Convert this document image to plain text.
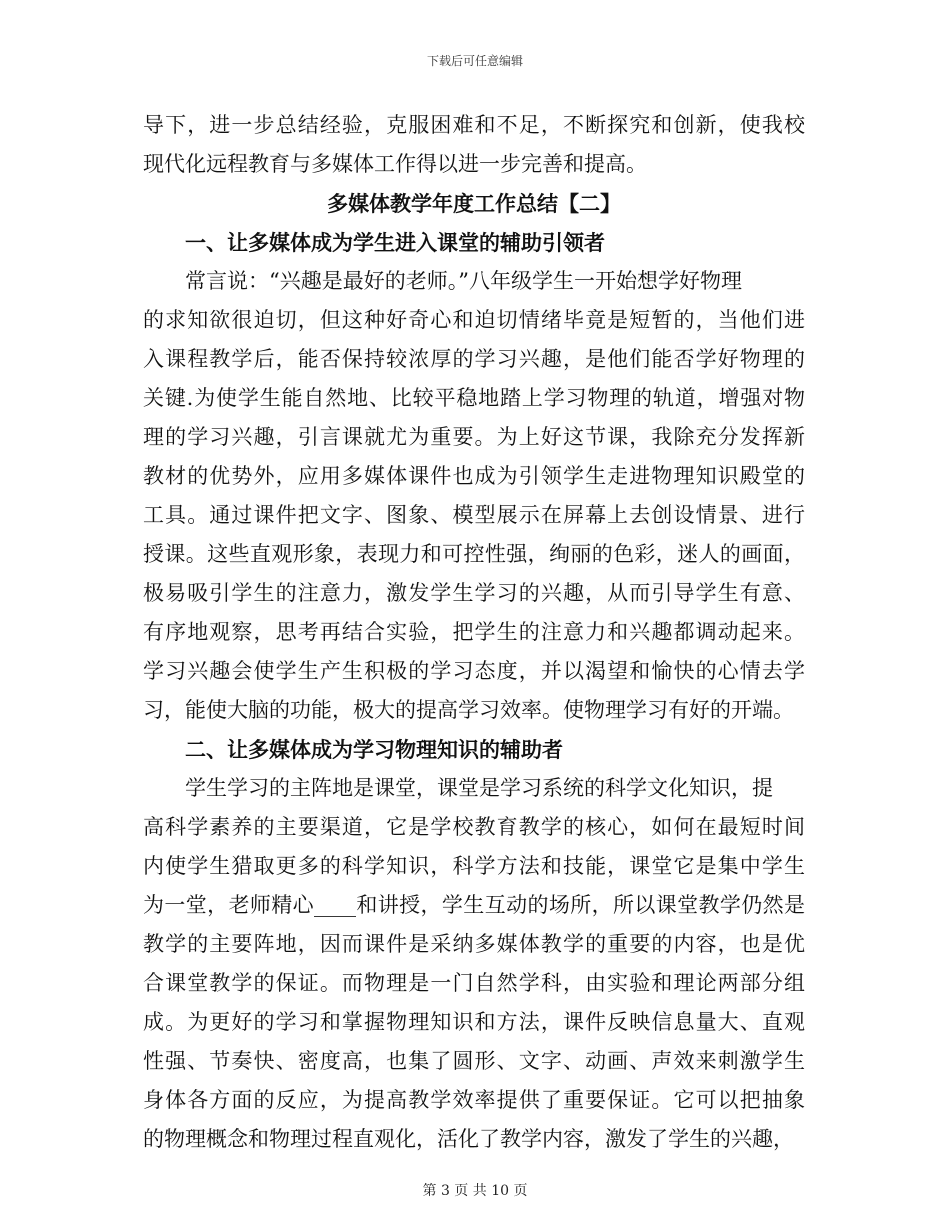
下载后可任意编辑
导下，进一步总结经验，克服困难和不足，不断探究和创新，使我校
现代化远程教育与多媒体工作得以进一步完善和提高。
多媒体教学年度工作总结【二】
一、让多媒体成为学生进入课堂的辅助引领者
常言说：“兴趣是最好的老师。”八年级学生一开始想学好物理
的求知欲很迫切，但这种好奇心和迫切情绪毕竟是短暂的，当他们进
入课程教学后，能否保持较浓厚的学习兴趣，是他们能否学好物理的
关键.为使学生能自然地、比较平稳地踏上学习物理的轨道，增强对物
理的学习兴趣，引言课就尤为重要。为上好这节课，我除充分发挥新
教材的优势外，应用多媒体课件也成为引领学生走进物理知识殿堂的
工具。通过课件把文字、图象、模型展示在屏幕上去创设情景、进行
授课。这些直观形象，表现力和可控性强，绚丽的色彩，迷人的画面，
极易吸引学生的注意力，激发学生学习的兴趣，从而引导学生有意、
有序地观察，思考再结合实验，把学生的注意力和兴趣都调动起来。
学习兴趣会使学生产生积极的学习态度，并以渴望和愉快的心情去学
习，能使大脑的功能，极大的提高学习效率。使物理学习有好的开端。
二、让多媒体成为学习物理知识的辅助者
学生学习的主阵地是课堂，课堂是学习系统的科学文化知识，提
高科学素养的主要渠道，它是学校教育教学的核心，如何在最短时间
内使学生猎取更多的科学知识，科学方法和技能，课堂它是集中学生
为一堂，老师精心____和讲授，学生互动的场所，所以课堂教学仍然是
教学的主要阵地，因而课件是采纳多媒体教学的重要的内容，也是优
合课堂教学的保证。而物理是一门自然学科，由实验和理论两部分组
成。为更好的学习和掌握物理知识和方法，课件反映信息量大、直观
性强、节奏快、密度高，也集了圆形、文字、动画、声效来刺激学生
身体各方面的反应，为提高教学效率提供了重要保证。它可以把抽象
的物理概念和物理过程直观化，活化了教学内容，激发了学生的兴趣，
第 3 页 共 10 页
